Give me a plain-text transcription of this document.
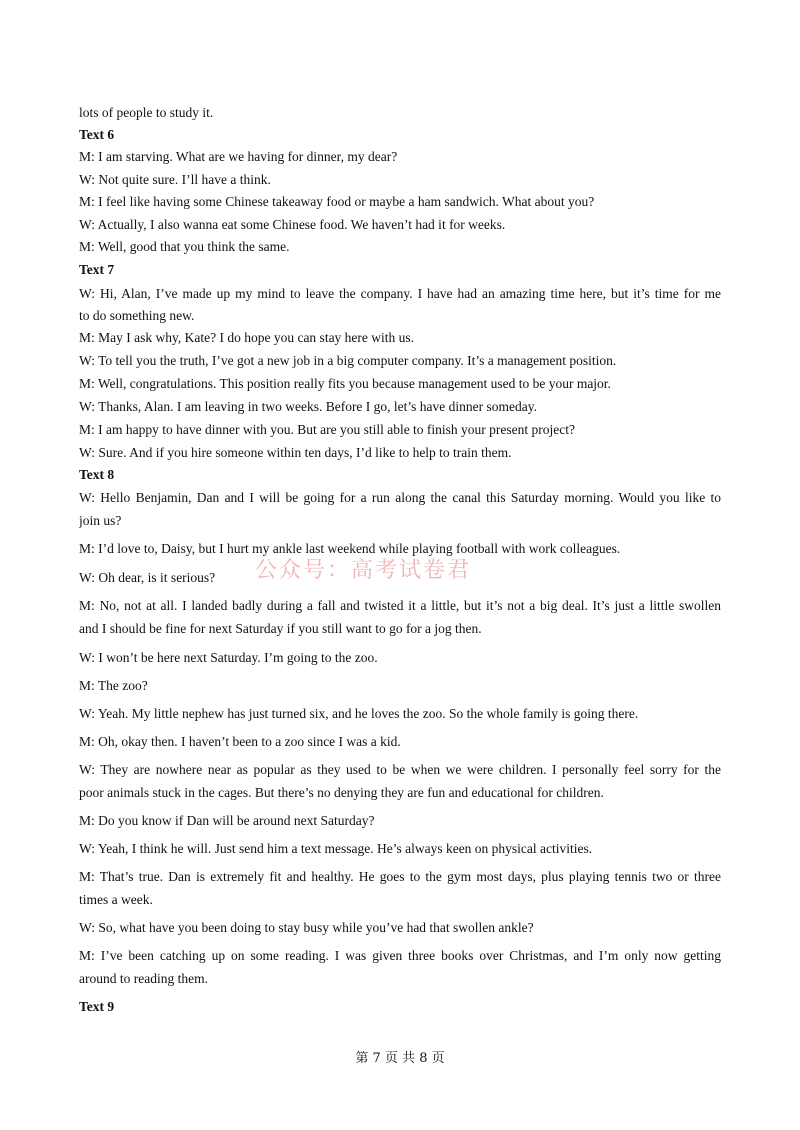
lots of people to study it.
Text 6
M: I am starving. What are we having for dinner, my dear?
W: Not quite sure. I’ll have a think.
M: I feel like having some Chinese takeaway food or maybe a ham sandwich. What about you?
W: Actually, I also wanna eat some Chinese food. We haven’t had it for weeks.
M: Well, good that you think the same.
Text 7
W: Hi, Alan, I’ve made up my mind to leave the company. I have had an amazing time here, but it’s time for me
to do something new.
M: May I ask why, Kate? I do hope you can stay here with us.
W: To tell you the truth, I’ve got a new job in a big computer company. It’s a management position.
M: Well, congratulations. This position really fits you because management used to be your major.
W: Thanks, Alan. I am leaving in two weeks. Before I go, let’s have dinner someday.
M: I am happy to have dinner with you. But are you still able to finish your present project?
W: Sure. And if you hire someone within ten days, I’d like to help to train them.
Text 8
W: Hello Benjamin, Dan and I will be going for a run along the canal this Saturday morning. Would you like to
join us?
M: I’d love to, Daisy, but I hurt my ankle last weekend while playing football with work colleagues.
W: Oh dear, is it serious?
M: No, not at all. I landed badly during a fall and twisted it a little, but it’s not a big deal. It’s just a little swollen
and I should be fine for next Saturday if you still want to go for a jog then.
W: I won’t be here next Saturday. I’m going to the zoo.
M: The zoo?
W: Yeah. My little nephew has just turned six, and he loves the zoo. So the whole family is going there.
M: Oh, okay then. I haven’t been to a zoo since I was a kid.
W: They are nowhere near as popular as they used to be when we were children. I personally feel sorry for the
poor animals stuck in the cages. But there’s no denying they are fun and educational for children.
M: Do you know if Dan will be around next Saturday?
W: Yeah, I think he will. Just send him a text message. He’s always keen on physical activities.
M: That’s true. Dan is extremely fit and healthy. He goes to the gym most days, plus playing tennis two or three
times a week.
W: So, what have you been doing to stay busy while you’ve had that swollen ankle?
M: I’ve been catching up on some reading. I was given three books over Christmas, and I’m only now getting
around to reading them.
Text 9
公众号：高考试卷君
第 7 页 共 8 页
